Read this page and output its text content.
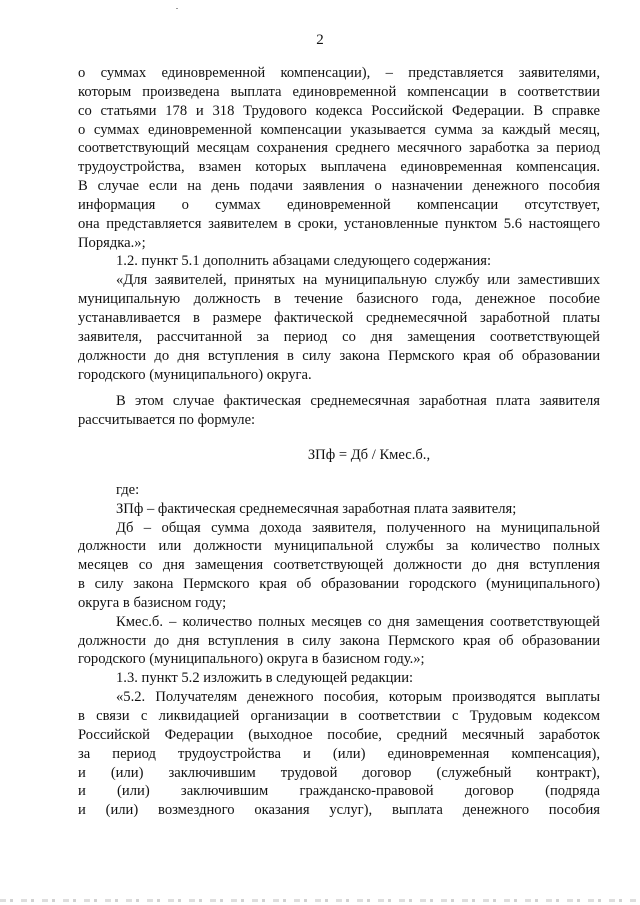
2
о суммах единовременной компенсации), – представляется заявителями,
которым произведена выплата единовременной компенсации в соответствии
со статьями 178 и 318 Трудового кодекса Российской Федерации. В справке
о суммах единовременной компенсации указывается сумма за каждый месяц,
соответствующий месяцам сохранения среднего месячного заработка за период
трудоустройства, взамен которых выплачена единовременная компенсация.
В случае если на день подачи заявления о назначении денежного пособия
информация о суммах единовременной компенсации отсутствует,
она представляется заявителем в сроки, установленные пунктом 5.6 настоящего
Порядка.»;
1.2. пункт 5.1 дополнить абзацами следующего содержания:
«Для заявителей, принятых на муниципальную службу или заместивших
муниципальную должность в течение базисного года, денежное пособие
устанавливается в размере фактической среднемесячной заработной платы
заявителя, рассчитанной за период со дня замещения соответствующей
должности до дня вступления в силу закона Пермского края об образовании
городского (муниципального) округа.
В этом случае фактическая среднемесячная заработная плата заявителя
рассчитывается по формуле:
ЗПф = Дб / Кмес.б.,
где:
ЗПф – фактическая среднемесячная заработная плата заявителя;
Дб – общая сумма дохода заявителя, полученного на муниципальной
должности или должности муниципальной службы за количество полных
месяцев со дня замещения соответствующей должности до дня вступления
в силу закона Пермского края об образовании городского (муниципального)
округа в базисном году;
Кмес.б. – количество полных месяцев со дня замещения соответствующей
должности до дня вступления в силу закона Пермского края об образовании
городского (муниципального) округа в базисном году.»;
1.3. пункт 5.2 изложить в следующей редакции:
«5.2. Получателям денежного пособия, которым производятся выплаты
в связи с ликвидацией организации в соответствии с Трудовым кодексом
Российской Федерации (выходное пособие, средний месячный заработок
за период трудоустройства и (или) единовременная компенсация),
и (или) заключившим трудовой договор (служебный контракт),
и (или) заключившим гражданско-правовой договор (подряда
и (или) возмездного оказания услуг), выплата денежного пособия
